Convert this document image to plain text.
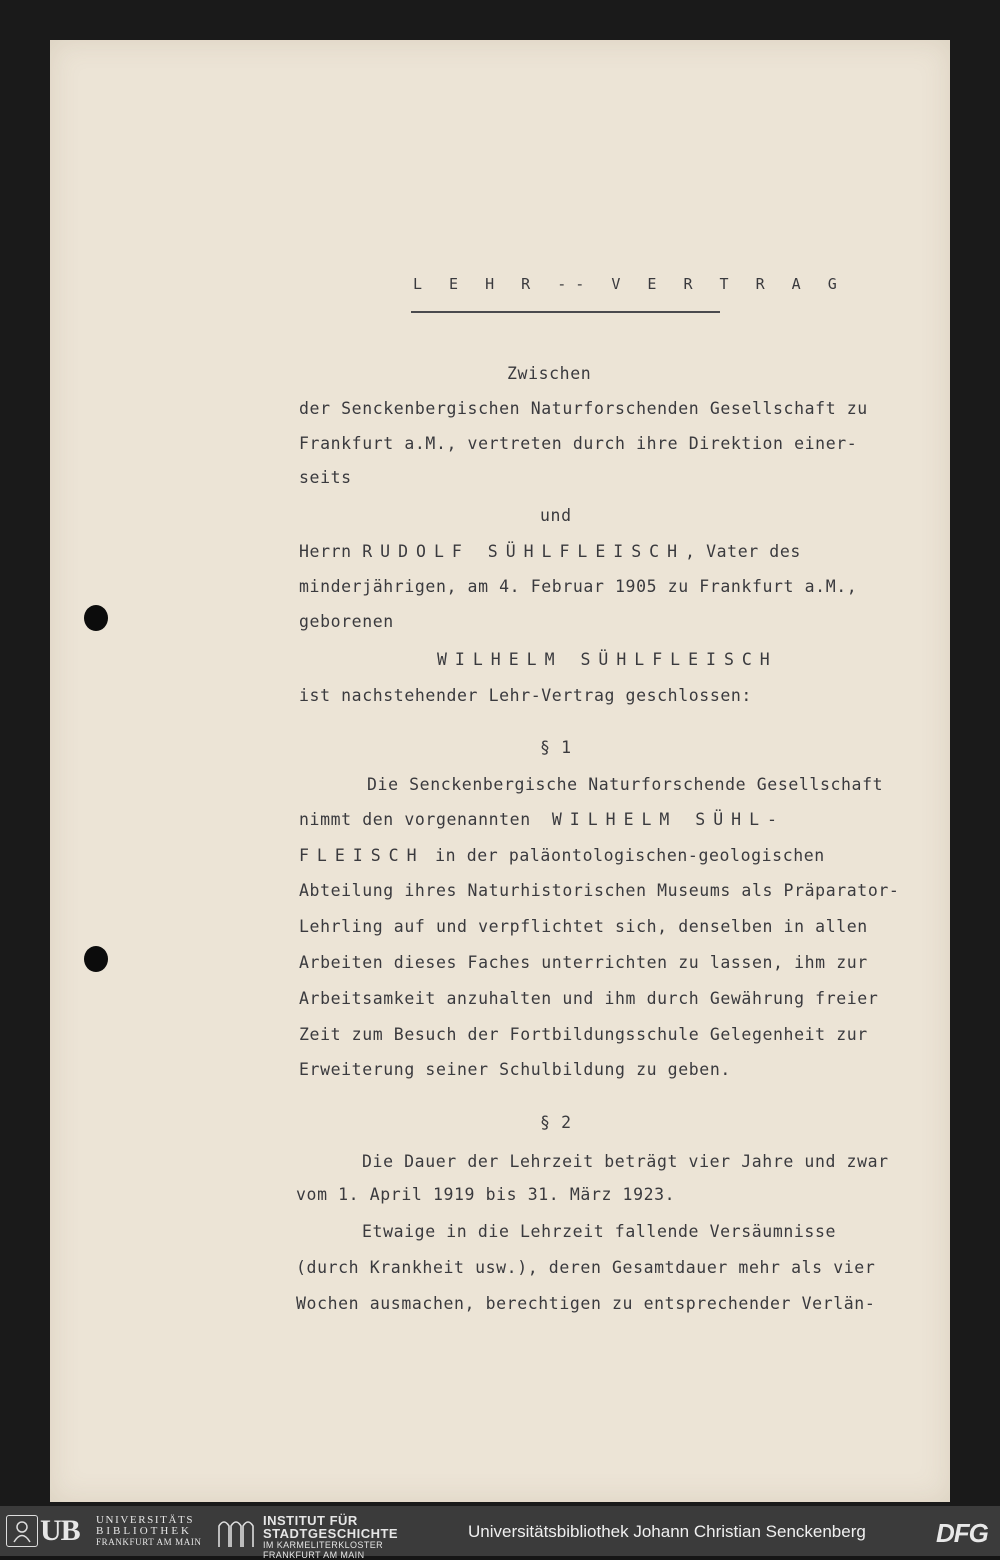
L E H R -- V E R T R A G
Zwischen
der Senckenbergischen Naturforschenden Gesellschaft zu
Frankfurt a.M., vertreten durch ihre Direktion einer-
seits
und
Herrn RUDOLF SÜHLFLEISCH, Vater des
minderjährigen, am 4. Februar 1905 zu Frankfurt a.M.,
geborenen
WILHELM SÜHLFLEISCH
ist nachstehender Lehr-Vertrag geschlossen:
§ 1
Die Senckenbergische Naturforschende Gesellschaft
nimmt den vorgenannten WILHELM SÜHL-
FLEISCH in der paläontologischen-geologischen
Abteilung ihres Naturhistorischen Museums als Präparator-
Lehrling auf und verpflichtet sich, denselben in allen
Arbeiten dieses Faches unterrichten zu lassen, ihm zur
Arbeitsamkeit anzuhalten und ihm durch Gewährung freier
Zeit zum Besuch der Fortbildungsschule Gelegenheit zur
Erweiterung seiner Schulbildung zu geben.
§ 2
Die Dauer der Lehrzeit beträgt vier Jahre und zwar
vom 1. April 1919 bis 31. März 1923.
Etwaige in die Lehrzeit fallende Versäumnisse
(durch Krankheit usw.), deren Gesamtdauer mehr als vier
Wochen ausmachen, berechtigen zu entsprechender Verlän-
UB UNIVERSITÄTS
BIBLIOTHEK
FRANKFURT AM MAIN
INSTITUT FÜR
STADTGESCHICHTE
IM KARMELITERKLOSTER
FRANKFURT AM MAIN
Universitätsbibliothek Johann Christian Senckenberg	DFG
